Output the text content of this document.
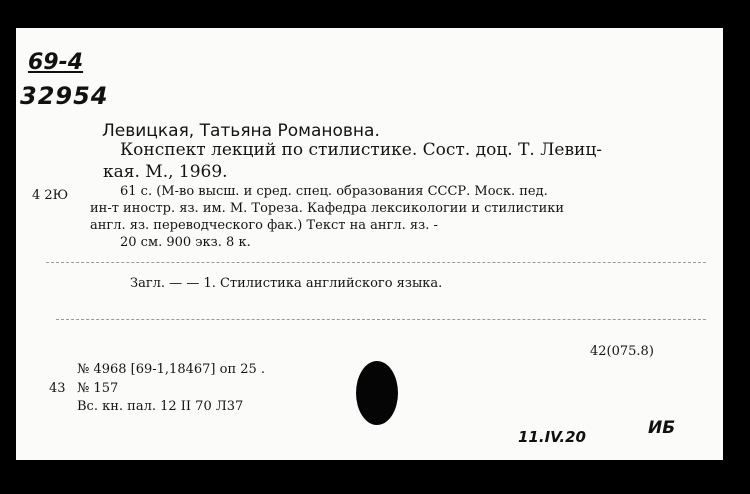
69-4
32954
4 2Ю
Левицкая, Татьяна Романовна.
Конспект лекций по стилистике. Сост. доц. Т. Левиц-
кая. М., 1969.
61 с. (М-во высш. и сред. спец. образования СССР. Моск. пед.
ин-т иностр. яз. им. М. Тореза. Кафедра лексикологии и стилистики
англ. яз. переводческого фак.) Текст на англ. яз. -
20 см. 900 экз. 8 к.
Загл. — — 1. Стилистика английского языка.
42(075.8)
№ 4968 [69-1,18467] оп 25 .
43 № 157
Вс. кн. пал. 12 II 70 Л37
11.IV.20	ИБ
